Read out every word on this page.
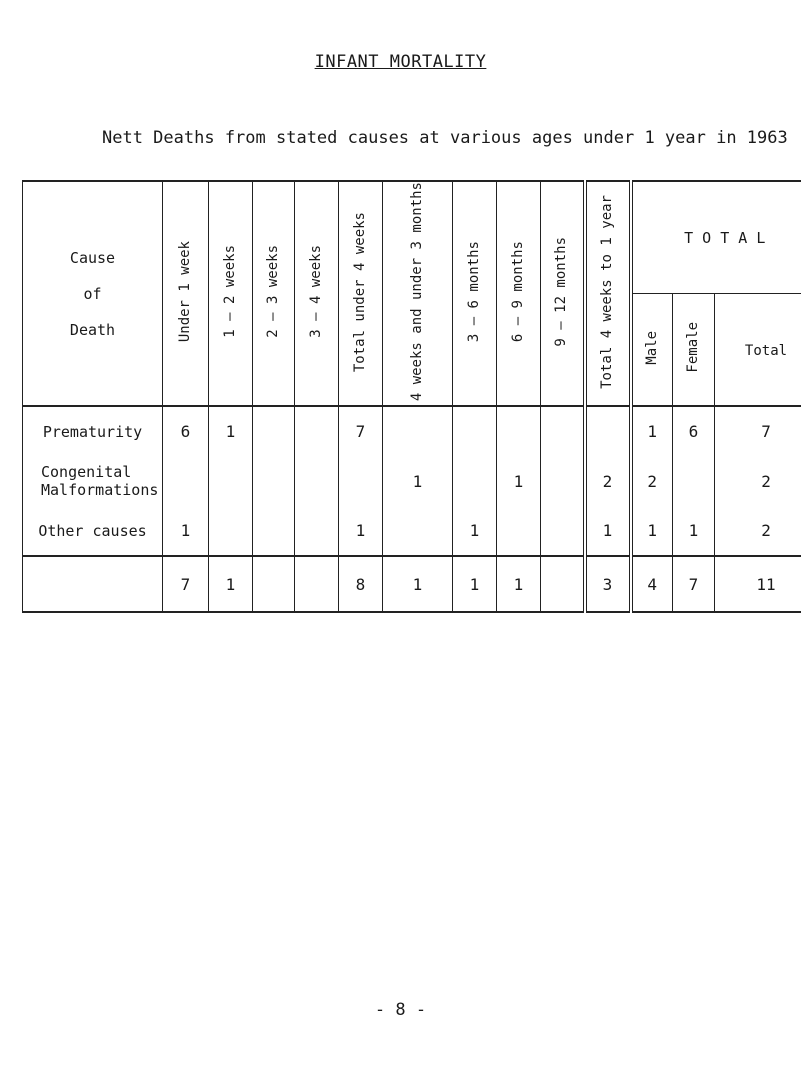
INFANT MORTALITY
Nett Deaths from stated causes at various ages under 1 year in 1963
Cause
of
Death	Under 1 week	1 – 2 weeks	2 – 3 weeks	3 – 4 weeks	Total under 4 weeks	4 weeks and under 3 months	3 – 6 months	6 – 9 months	9 – 12 months	Total 4 weeks to 1 year	T O T A L		
											Male	Female	Total
Prematurity	6	1			7						1	6	7
Congenital Malformations						1		1		2	2		2
Other causes	1				1		1			1	1	1	2
	7	1			8	1	1	1		3	4	7	11
- 8 -
